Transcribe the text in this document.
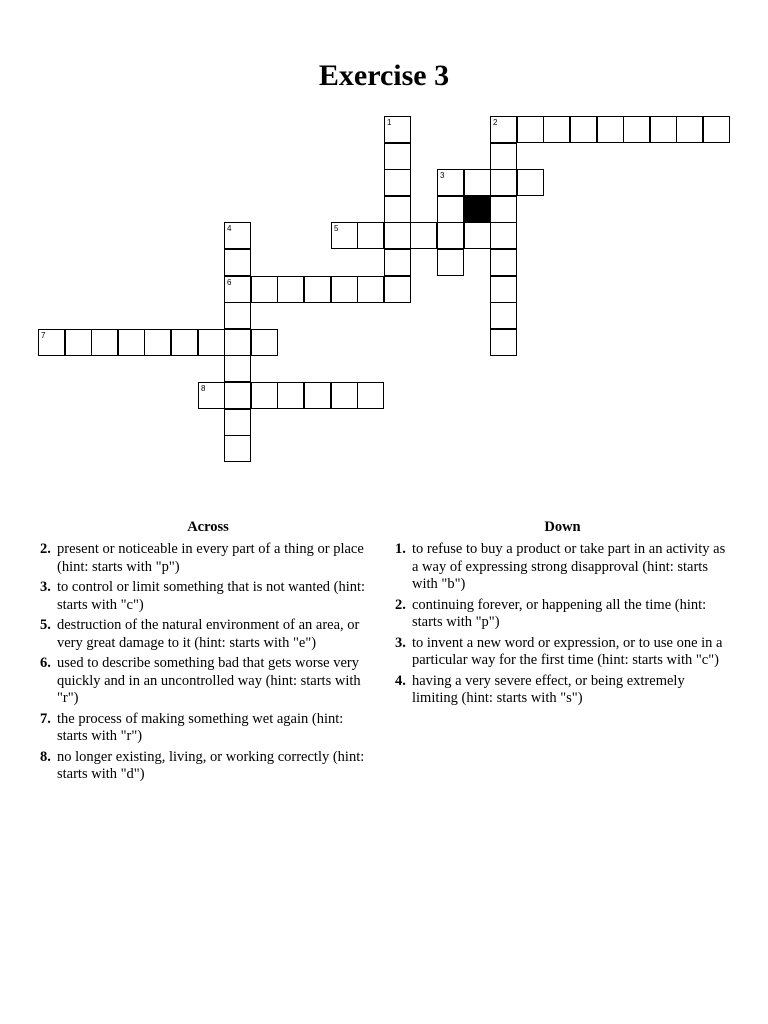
Exercise 3
2
3
5
6
7
8
1
4
Across
2. present or noticeable in every part of a thing or place (hint: starts with "p")
3. to control or limit something that is not wanted (hint: starts with "c")
5. destruction of the natural environment of an area, or very great damage to it (hint: starts with "e")
6. used to describe something bad that gets worse very quickly and in an uncontrolled way (hint: starts with "r")
7. the process of making something wet again (hint: starts with "r")
8. no longer existing, living, or working correctly (hint: starts with "d")
Down
1. to refuse to buy a product or take part in an activity as a way of expressing strong disapproval (hint: starts with "b")
2. continuing forever, or happening all the time (hint: starts with "p")
3. to invent a new word or expression, or to use one in a particular way for the first time (hint: starts with "c")
4. having a very severe effect, or being extremely limiting (hint: starts with "s")
